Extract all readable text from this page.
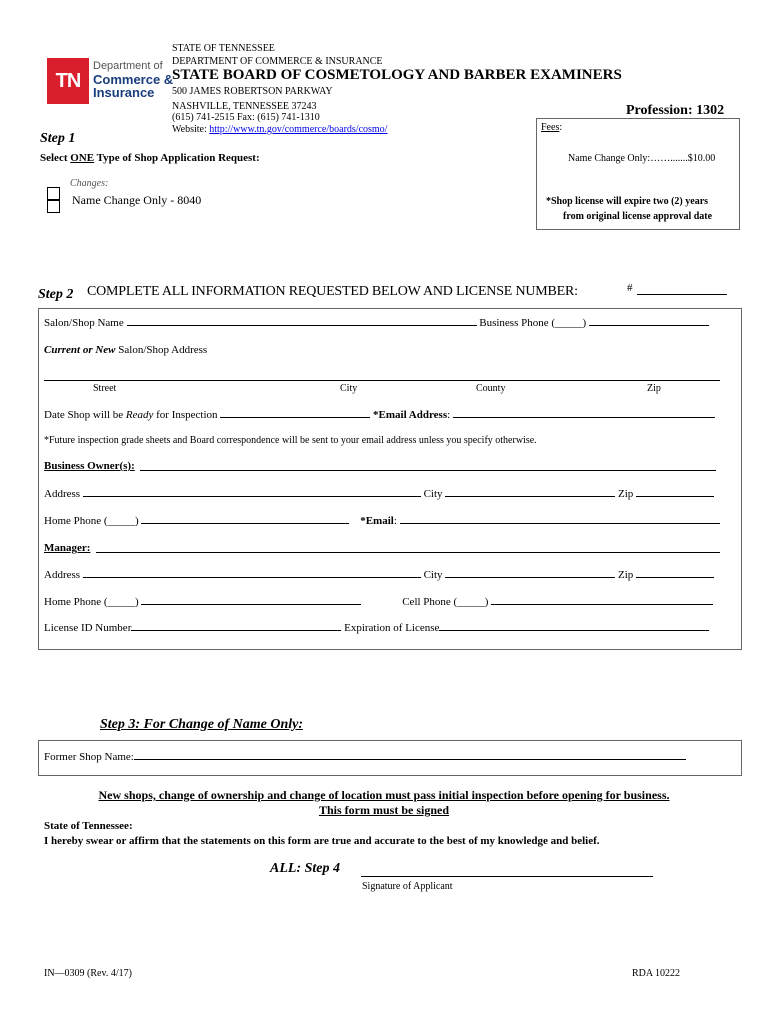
TN
Department of
Commerce &
Insurance
STATE OF TENNESSEE
DEPARTMENT OF COMMERCE & INSURANCE
STATE BOARD OF COSMETOLOGY AND BARBER EXAMINERS
500 JAMES ROBERTSON PARKWAY
NASHVILLE, TENNESSEE 37243
(615) 741-2515 Fax: (615) 741-1310
Website: http://www.tn.gov/commerce/boards/cosmo/
Profession: 1302
Step 1
Select ONE Type of Shop Application Request:
Changes:
Name Change Only - 8040
Fees:
Name Change Only:…….......$10.00
*Shop license will expire two (2) years
from original license approval date
Step 2 COMPLETE ALL INFORMATION REQUESTED BELOW AND LICENSE NUMBER:	#
Salon/Shop Name	Business Phone (_____)
Current or New Salon/Shop Address
Street	City	County	Zip
Date Shop will be Ready for Inspection	*Email Address:
*Future inspection grade sheets and Board correspondence will be sent to your email address unless you specify otherwise.
Business Owner(s):
Address	City	Zip
Home Phone (_____)	*Email:
Manager:
Address	City	Zip
Home Phone (_____)	Cell Phone (_____)
License ID Number	Expiration of License
Step 3: For Change of Name Only:
Former Shop Name:
New shops, change of ownership and change of location must pass initial inspection before opening for business.
This form must be signed
State of Tennessee:
I hereby swear or affirm that the statements on this form are true and accurate to the best of my knowledge and belief.
ALL: Step 4
Signature of Applicant
IN—0309 (Rev. 4/17)	RDA 10222
